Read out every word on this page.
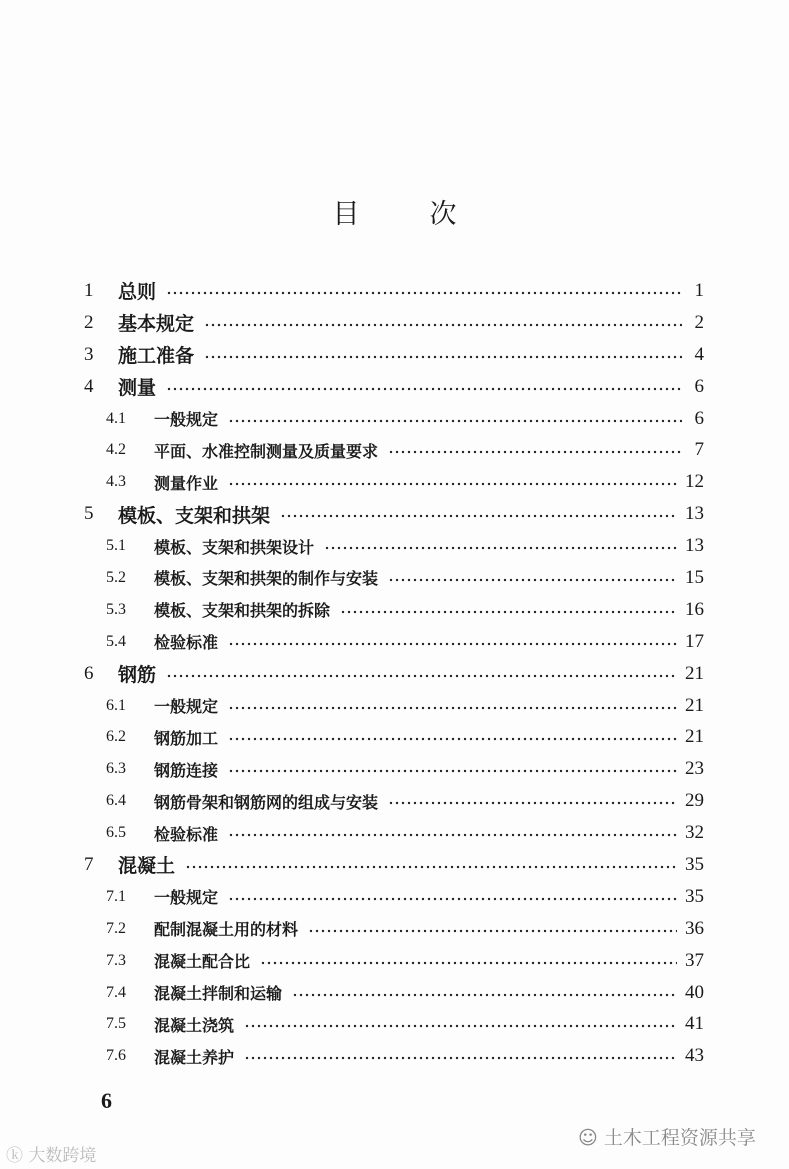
目	次
1	总则	1
2	基本规定	2
3	施工准备	4
4	测量	6
4.1	一般规定	6
4.2	平面、水准控制测量及质量要求	7
4.3	测量作业	12
5	模板、支架和拱架	13
5.1	模板、支架和拱架设计	13
5.2	模板、支架和拱架的制作与安装	15
5.3	模板、支架和拱架的拆除	16
5.4	检验标准	17
6	钢筋	21
6.1	一般规定	21
6.2	钢筋加工	21
6.3	钢筋连接	23
6.4	钢筋骨架和钢筋网的组成与安装	29
6.5	检验标准	32
7	混凝土	35
7.1	一般规定	35
7.2	配制混凝土用的材料	36
7.3	混凝土配合比	37
7.4	混凝土拌制和运输	40
7.5	混凝土浇筑	41
7.6	混凝土养护	43
6
☺ 土木工程资源共享
ⓚ 大数跨境
